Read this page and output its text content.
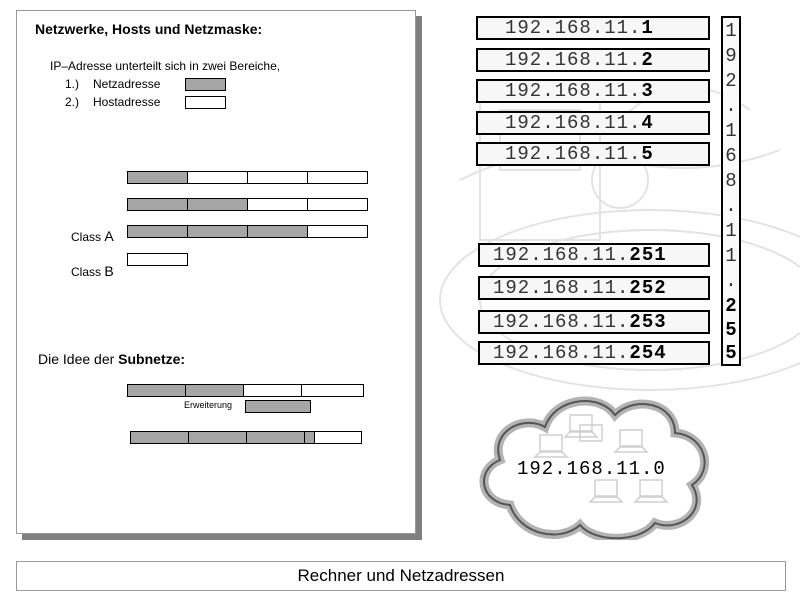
Netzwerke, Hosts und Netzmaske:
IP–Adresse unterteilt sich in zwei Bereiche,
1.) Netzadresse
2.) Hostadresse
Class A
Class B
Die Idee der Subnetze:
Erweiterung
192.168.11.1
192.168.11.2
192.168.11.3
192.168.11.4
192.168.11.5
192.168.11.251
192.168.11.252
192.168.11.253
192.168.11.254
1
9
2
.
1
6
8
.
1
1
.
2
5
5
192.168.11.0
Rechner und Netzadressen
